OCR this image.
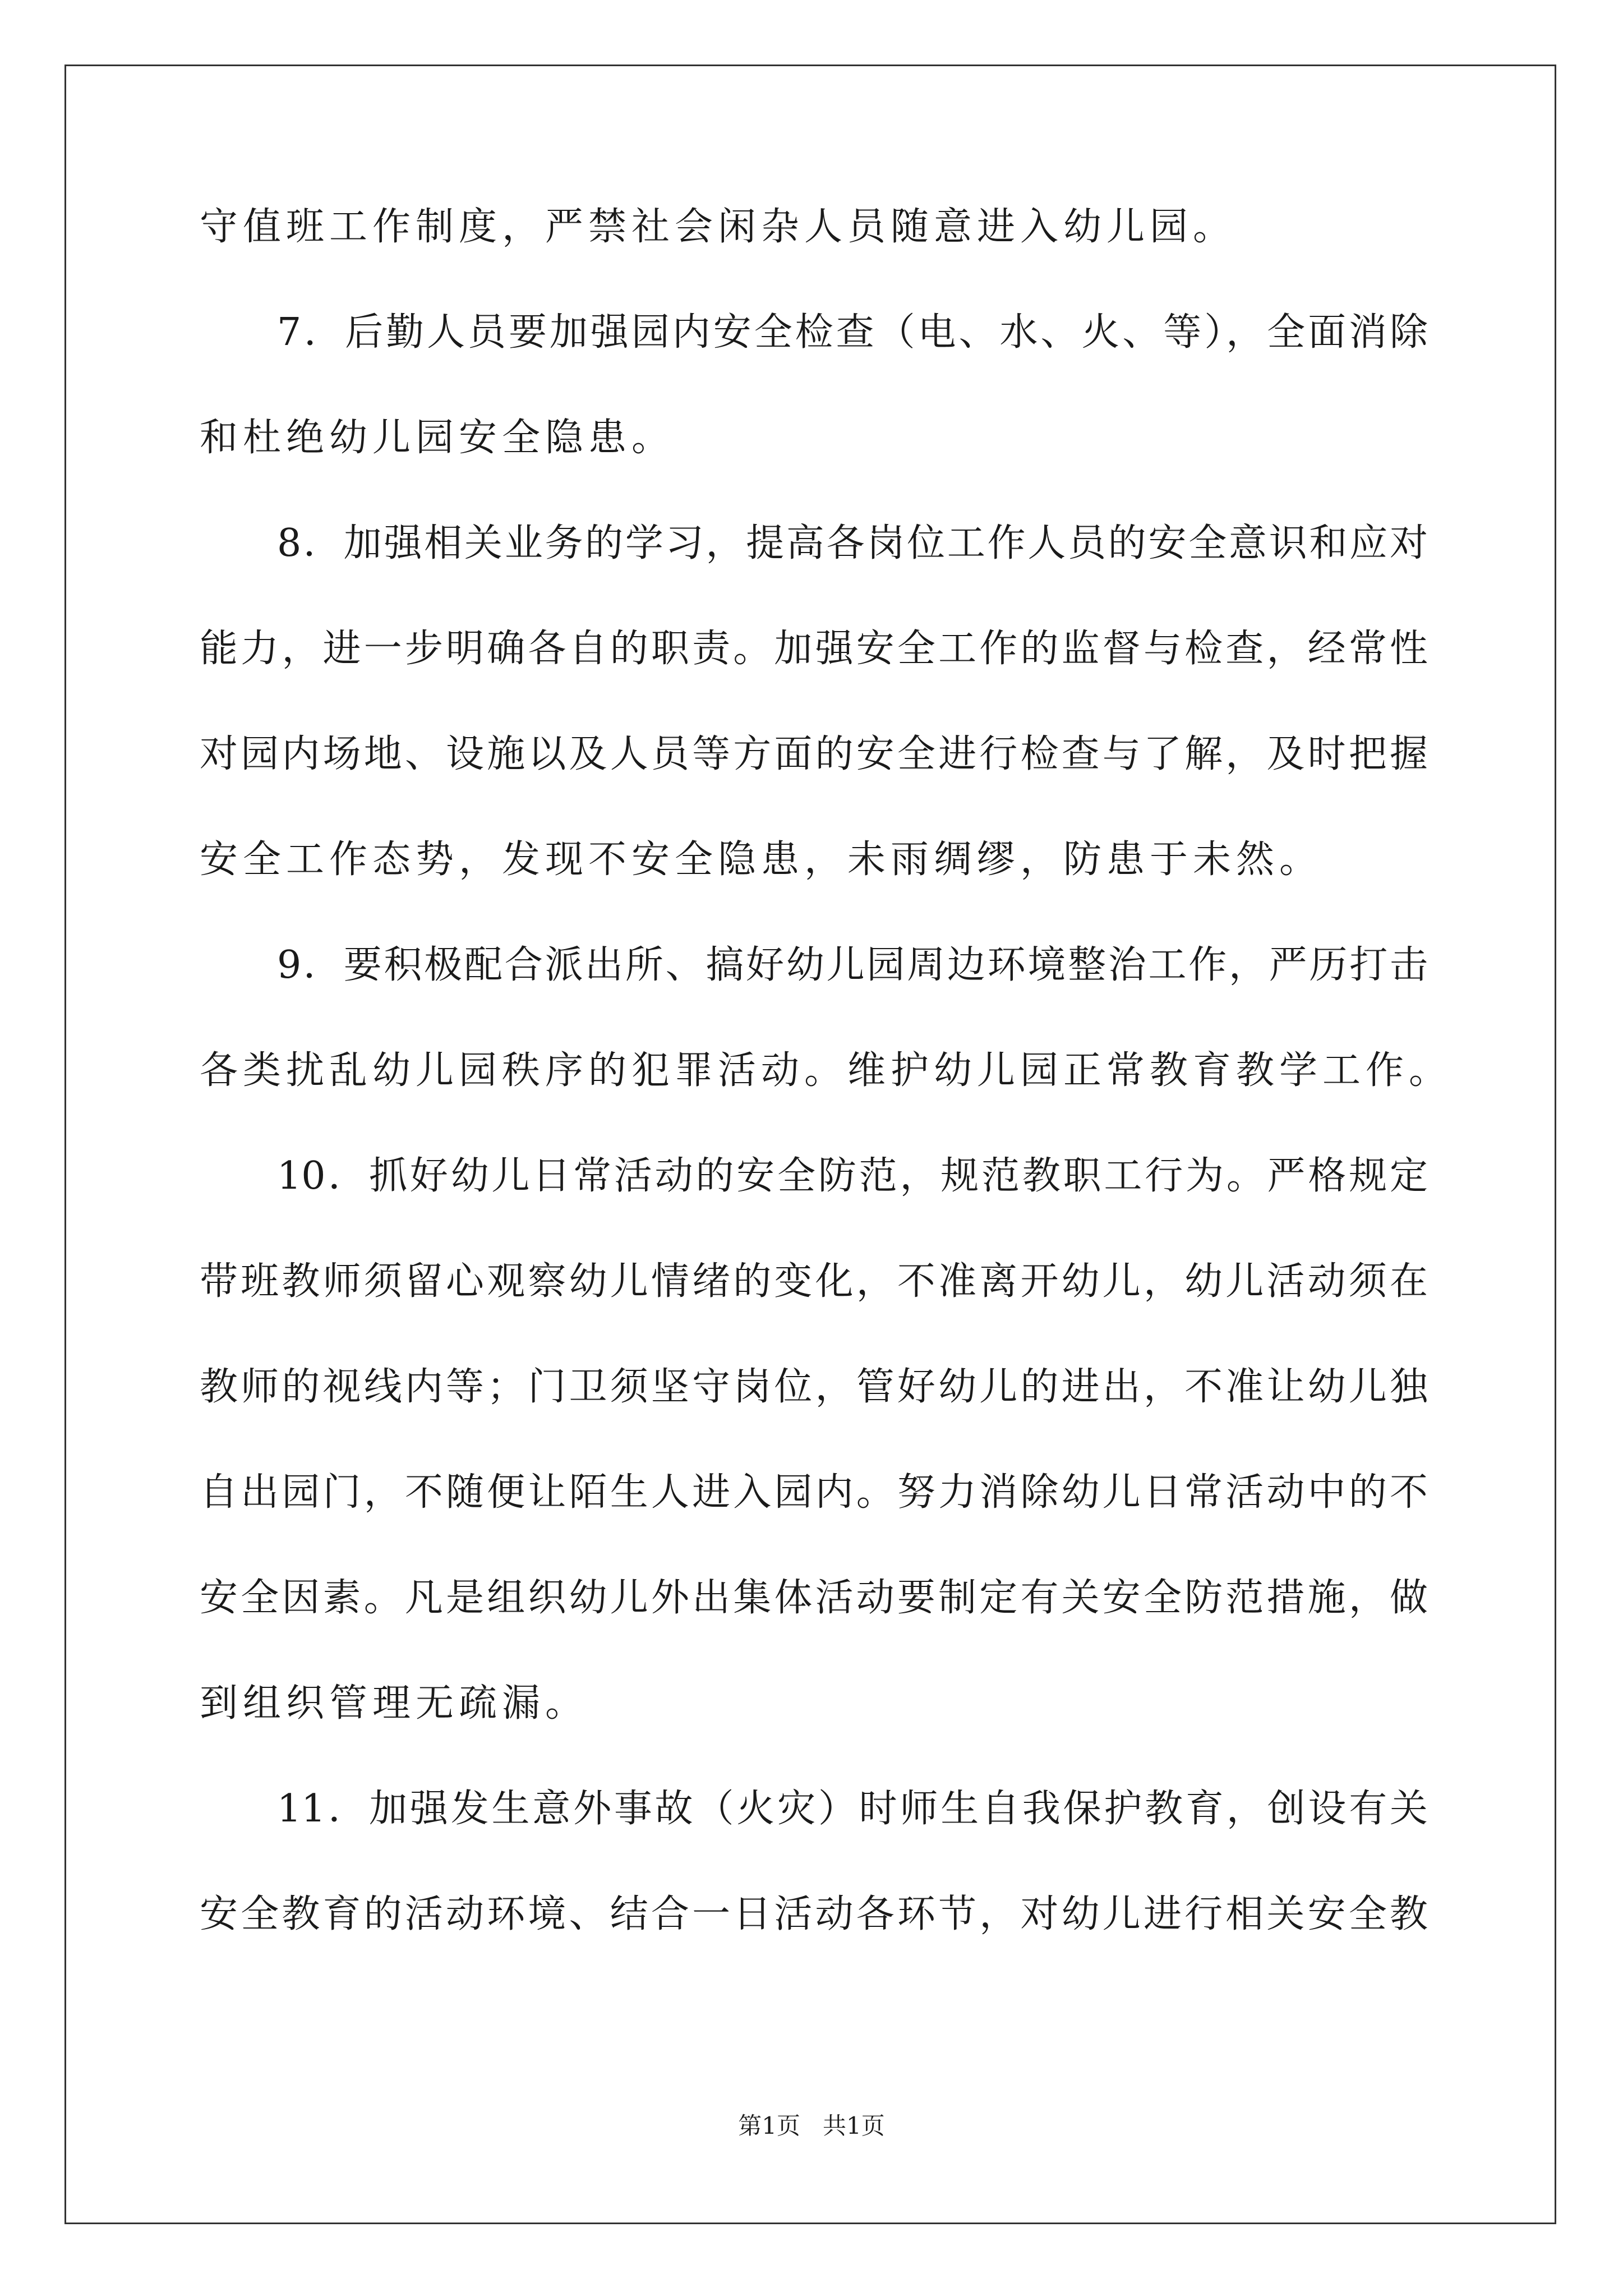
守值班工作制度，严禁社会闲杂人员随意进入幼儿园。
7．后勤人员要加强园内安全检查（电、水、火、等），全面消除
和杜绝幼儿园安全隐患。
8．加强相关业务的学习，提高各岗位工作人员的安全意识和应对
能力，进一步明确各自的职责。加强安全工作的监督与检查，经常性
对园内场地、设施以及人员等方面的安全进行检查与了解，及时把握
安全工作态势，发现不安全隐患，未雨绸缪，防患于未然。
9．要积极配合派出所、搞好幼儿园周边环境整治工作，严历打击
各类扰乱幼儿园秩序的犯罪活动。维护幼儿园正常教育教学工作。
10．抓好幼儿日常活动的安全防范，规范教职工行为。严格规定
带班教师须留心观察幼儿情绪的变化，不准离开幼儿，幼儿活动须在
教师的视线内等；门卫须坚守岗位，管好幼儿的进出，不准让幼儿独
自出园门，不随便让陌生人进入园内。努力消除幼儿日常活动中的不
安全因素。凡是组织幼儿外出集体活动要制定有关安全防范措施，做
到组织管理无疏漏。
11．加强发生意外事故（火灾）时师生自我保护教育，创设有关
安全教育的活动环境、结合一日活动各环节，对幼儿进行相关安全教
第1页   共1页
